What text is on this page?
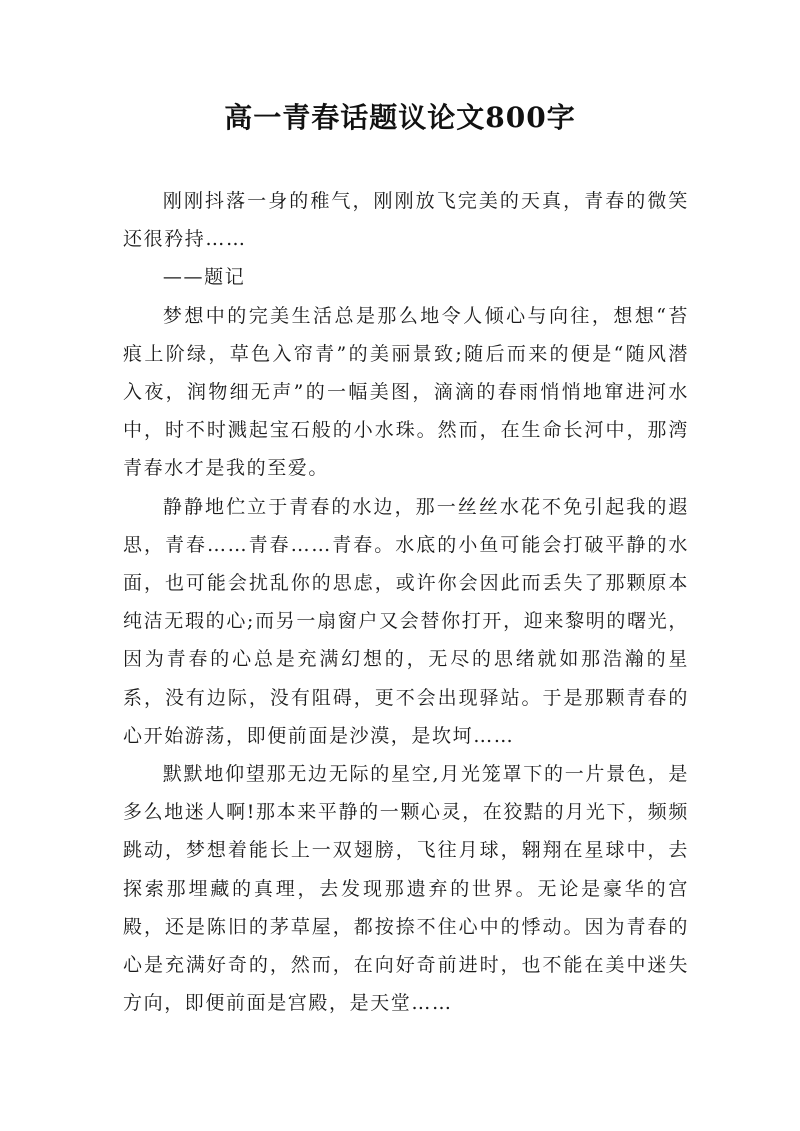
高一青春话题议论文800字

刚刚抖落一身的稚气，刚刚放飞完美的天真，青春的微笑还很矜持……

——题记

梦想中的完美生活总是那么地令人倾心与向往，想想“苔痕上阶绿，草色入帘青”的美丽景致;随后而来的便是“随风潜入夜，润物细无声”的一幅美图，滴滴的春雨悄悄地窜进河水中，时不时溅起宝石般的小水珠。然而，在生命长河中，那湾青春水才是我的至爱。

静静地伫立于青春的水边，那一丝丝水花不免引起我的遐思，青春……青春……青春。水底的小鱼可能会打破平静的水面，也可能会扰乱你的思虑，或许你会因此而丢失了那颗原本纯洁无瑕的心;而另一扇窗户又会替你打开，迎来黎明的曙光，因为青春的心总是充满幻想的，无尽的思绪就如那浩瀚的星系，没有边际，没有阻碍，更不会出现驿站。于是那颗青春的心开始游荡，即便前面是沙漠，是坎坷……

默默地仰望那无边无际的星空,月光笼罩下的一片景色，是多么地迷人啊!那本来平静的一颗心灵，在狡黠的月光下，频频跳动，梦想着能长上一双翅膀，飞往月球，翱翔在星球中，去探索那埋藏的真理，去发现那遗弃的世界。无论是豪华的宫殿，还是陈旧的茅草屋，都按捺不住心中的悸动。因为青春的心是充满好奇的，然而，在向好奇前进时，也不能在美中迷失方向，即便前面是宫殿，是天堂……
